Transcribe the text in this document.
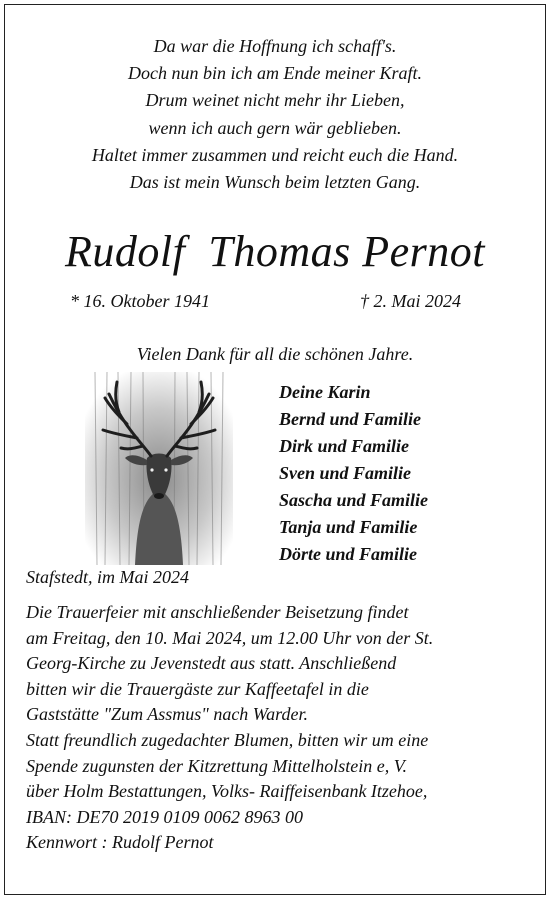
Da war die Hoffnung ich schaff's.
Doch nun bin ich am Ende meiner Kraft.
Drum weinet nicht mehr ihr Lieben,
wenn ich auch gern wär geblieben.
Haltet immer zusammen und reicht euch die Hand.
Das ist mein Wunsch beim letzten Gang.
Rudolf  Thomas Pernot
* 16. Oktober 1941	† 2. Mai 2024
Vielen Dank für all die schönen Jahre.
Deine Karin
Bernd und Familie
Dirk und Familie
Sven und Familie
Sascha und Familie
Tanja und Familie
Dörte und Familie
Stafstedt, im Mai 2024
Die Trauerfeier mit anschließender Beisetzung findet
am Freitag, den 10. Mai 2024, um 12.00 Uhr von der St.
Georg-Kirche zu Jevenstedt aus statt. Anschließend
bitten wir die Trauergäste zur Kaffeetafel in die
Gaststätte "Zum Assmus" nach Warder.
Statt freundlich zugedachter Blumen, bitten wir um eine
Spende zugunsten der Kitzrettung Mittelholstein e, V.
über Holm Bestattungen, Volks- Raiffeisenbank Itzehoe,
IBAN: DE70 2019 0109 0062 8963 00
Kennwort : Rudolf Pernot
